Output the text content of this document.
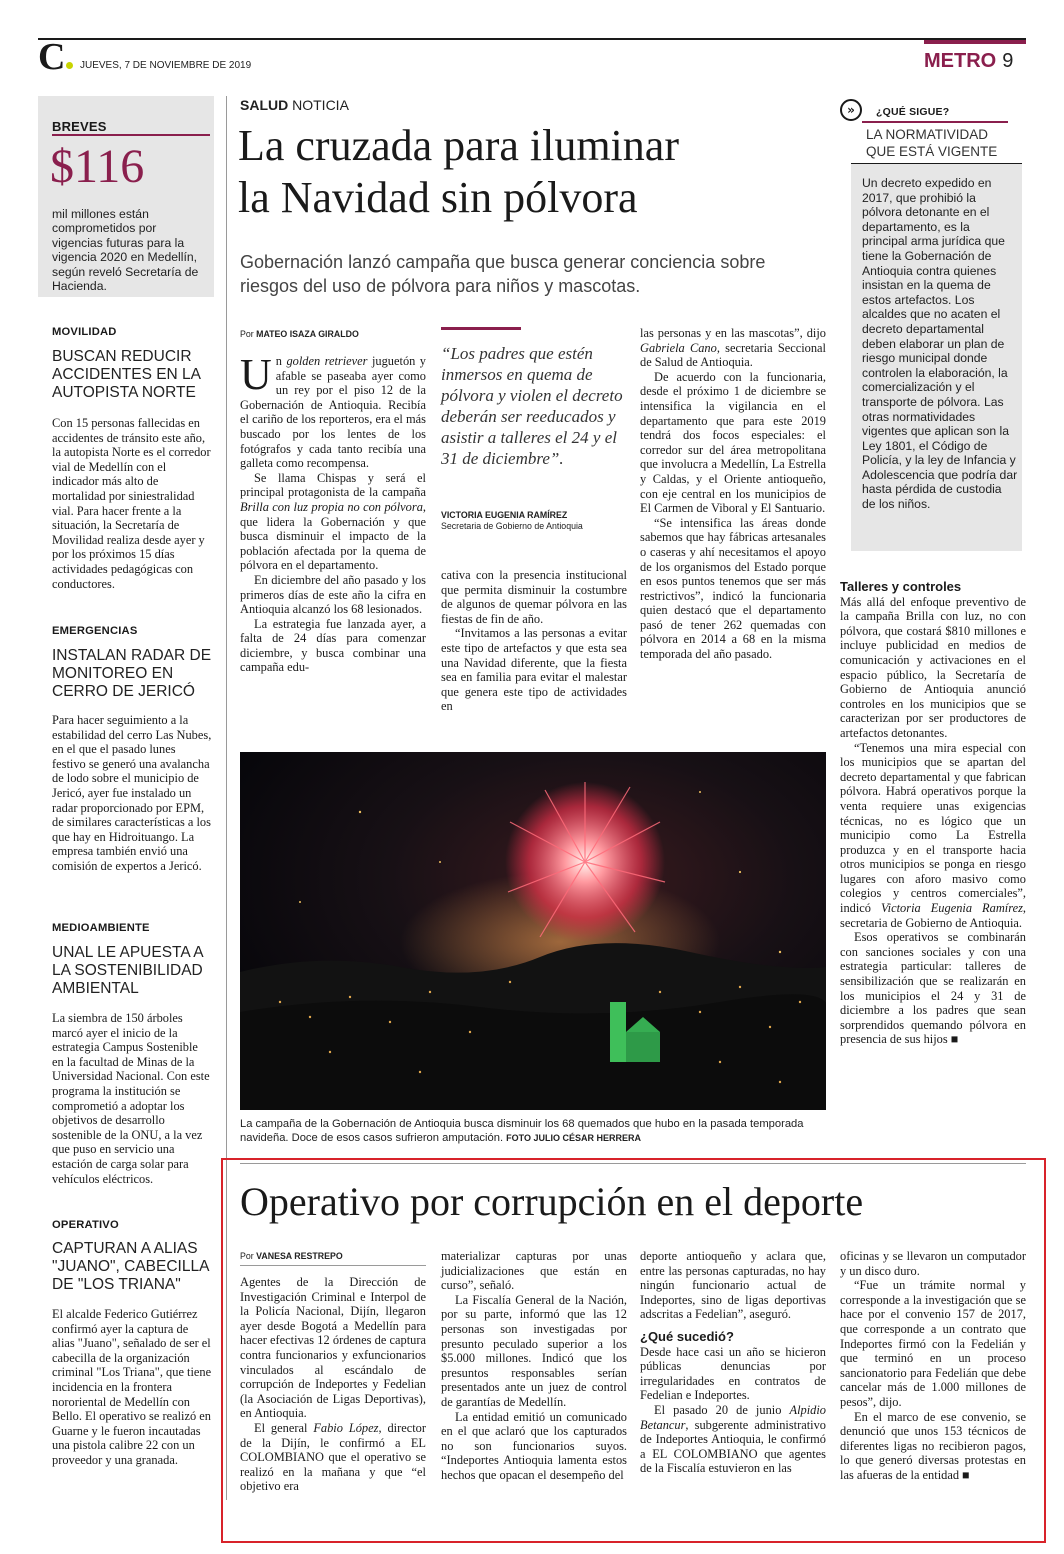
C	JUEVES, 7 DE NOVIEMBRE DE 2019	METRO 9
BREVES
$116
mil millones están comprometidos por vigencias futuras para la vigencia 2020 en Medellín, según reveló Secretaría de Hacienda.
MOVILIDAD
BUSCAN REDUCIR ACCIDENTES EN LA AUTOPISTA NORTE
Con 15 personas fallecidas en accidentes de tránsito este año, la autopista Norte es el corredor vial de Medellín con el indicador más alto de mortalidad por siniestralidad vial. Para hacer frente a la situación, la Secretaría de Movilidad realiza desde ayer y por los próximos 15 días actividades pedagógicas con conductores.
EMERGENCIAS
INSTALAN RADAR DE MONITOREO EN CERRO DE JERICÓ
Para hacer seguimiento a la estabilidad del cerro Las Nubes, en el que el pasado lunes festivo se generó una avalancha de lodo sobre el municipio de Jericó, ayer fue instalado un radar proporcionado por EPM, de similares características a los que hay en Hidroituango. La empresa también envió una comisión de expertos a Jericó.
MEDIOAMBIENTE
UNAL LE APUESTA A LA SOSTENIBILIDAD AMBIENTAL
La siembra de 150 árboles marcó ayer el inicio de la estrategia Campus Sostenible en la facultad de Minas de la Universidad Nacional. Con este programa la institución se comprometió a adoptar los objetivos de desarrollo sostenible de la ONU, a la vez que puso en servicio una estación de carga solar para vehículos eléctricos.
OPERATIVO
CAPTURAN A ALIAS "JUANO", CABECILLA DE "LOS TRIANA"
El alcalde Federico Gutiérrez confirmó ayer la captura de alias "Juano", señalado de ser el cabecilla de la organización criminal "Los Triana", que tiene incidencia en la frontera nororiental de Medellín con Bello. El operativo se realizó en Guarne y le fueron incautadas una pistola calibre 22 con un proveedor y una granada.
SALUD NOTICIA
La cruzada para iluminar
la Navidad sin pólvora
Gobernación lanzó campaña que busca generar conciencia sobre riesgos del uso de pólvora para niños y mascotas.
Por MATEO ISAZA GIRALDO

Un golden retriever juguetón y afable se paseaba ayer como un rey por el piso 12 de la Gobernación de Antioquia. Recibía el cariño de los reporteros, era el más buscado por los lentes de los fotógrafos y cada tanto recibía una galleta como recompensa.

Se llama Chispas y será el principal protagonista de la campaña Brilla con luz propia no con pólvora, que lidera la Gobernación y que busca disminuir el impacto de la población afectada por la quema de pólvora en el departamento.

En diciembre del año pasado y los primeros días de este año la cifra en Antioquia alcanzó los 68 lesionados.

La estrategia fue lanzada ayer, a falta de 24 días para comenzar diciembre, y busca combinar una campaña edu-

“Los padres que estén inmersos en quema de pólvora y violen el decreto deberán ser reeducados y asistir a talleres el 24 y el 31 de diciembre”.
VICTORIA EUGENIA RAMÍREZ
Secretaria de Gobierno de Antioquia

cativa con la presencia institucional que permita disminuir la costumbre de algunos de quemar pólvora en las fiestas de fin de año.

“Invitamos a las personas a evitar este tipo de artefactos y que esta sea una Navidad diferente, que la fiesta sea en familia para evitar el malestar que genera este tipo de actividades en

las personas y en las mascotas”, dijo Gabriela Cano, secretaria Seccional de Salud de Antioquia.

De acuerdo con la funcionaria, desde el próximo 1 de diciembre se intensifica la vigilancia en el departamento que para este 2019 tendrá dos focos especiales: el corredor sur del área metropolitana que involucra a Medellín, La Estrella y Caldas, y el Oriente antioqueño, con eje central en los municipios de El Carmen de Viboral y El Santuario.

“Se intensifica las áreas donde sabemos que hay fábricas artesanales o caseras y ahí necesitamos el apoyo de los organismos del Estado porque en esos puntos tenemos que ser más restrictivos”, indicó la funcionaria quien destacó que el departamento pasó de tener 262 quemadas con pólvora en 2014 a 68 en la misma temporada del año pasado.

La campaña de la Gobernación de Antioquia busca disminuir los 68 quemados que hubo en la pasada temporada navideña. Doce de esos casos sufrieron amputación. FOTO JULIO CÉSAR HERRERA
»	¿QUÉ SIGUE?
LA NORMATIVIDAD QUE ESTÁ VIGENTE
Un decreto expedido en 2017, que prohibió la pólvora detonante en el departamento, es la principal arma jurídica que tiene la Gobernación de Antioquia contra quienes insistan en la quema de estos artefactos. Los alcaldes que no acaten el decreto departamental deben elaborar un plan de riesgo municipal donde controlen la elaboración, la comercialización y el transporte de pólvora. Las otras normatividades vigentes que aplican son la Ley 1801, el Código de Policía, y la ley de Infancia y Adolescencia que podría dar hasta pérdida de custodia de los niños.
Talleres y controles

Más allá del enfoque preventivo de la campaña Brilla con luz, no con pólvora, que costará $810 millones e incluye publicidad en medios de comunicación y activaciones en el espacio público, la Secretaría de Gobierno de Antioquia anunció controles en los municipios que se caracterizan por ser productores de artefactos detonantes.

“Tenemos una mira especial con los municipios que se apartan del decreto departamental y que fabrican pólvora. Habrá operativos porque la venta requiere unas exigencias técnicas, no es lógico que un municipio como La Estrella produzca y en el transporte hacia otros municipios se ponga en riesgo lugares con aforo masivo como colegios y centros comerciales”, indicó Victoria Eugenia Ramírez, secretaria de Gobierno de Antioquia.

Esos operativos se combinarán con sanciones sociales y con una estrategia particular: talleres de sensibilización que se realizarán en los municipios el 24 y 31 de diciembre a los padres que sean sorprendidos quemando pólvora en presencia de sus hijos ■

Operativo por corrupción en el deporte
Por VANESA RESTREPO

Agentes de la Dirección de Investigación Criminal e Interpol de la Policía Nacional, Dijín, llegaron ayer desde Bogotá a Medellín para hacer efectivas 12 órdenes de captura contra funcionarios y exfuncionarios vinculados al escándalo de corrupción de Indeportes y Fedelian (la Asociación de Ligas Deportivas), en Antioquia.

El general Fabio López, director de la Dijín, le confirmó a EL COLOMBIANO que el operativo se realizó en la mañana y que “el objetivo era

materializar capturas por unas judicializaciones que están en curso”, señaló.

La Fiscalía General de la Nación, por su parte, informó que las 12 personas son investigadas por presunto peculado superior a los $5.000 millones. Indicó que los presuntos responsables serían presentados ante un juez de control de garantías de Medellín.

La entidad emitió un comunicado en el que aclaró que los capturados no son funcionarios suyos. “Indeportes Antioquia lamenta estos hechos que opacan el desempeño del

deporte antioqueño y aclara que, entre las personas capturadas, no hay ningún funcionario actual de Indeportes, sino de ligas deportivas adscritas a Fedelian”, aseguró.

¿Qué sucedió?

Desde hace casi un año se hicieron públicas denuncias por irregularidades en contratos de Fedelian e Indeportes.

El pasado 20 de junio Alpidio Betancur, subgerente administrativo de Indeportes Antioquia, le confirmó a EL COLOMBIANO que agentes de la Fiscalía estuvieron en las

oficinas y se llevaron un computador y un disco duro.

“Fue un trámite normal y corresponde a la investigación que se hace por el convenio 157 de 2017, que corresponde a un contrato que Indeportes firmó con la Fedelián y que terminó en un proceso sancionatorio para Fedelián que debe cancelar más de 1.000 millones de pesos”, dijo.

En el marco de ese convenio, se denunció que unos 153 técnicos de diferentes ligas no recibieron pagos, lo que generó diversas protestas en las afueras de la entidad ■
